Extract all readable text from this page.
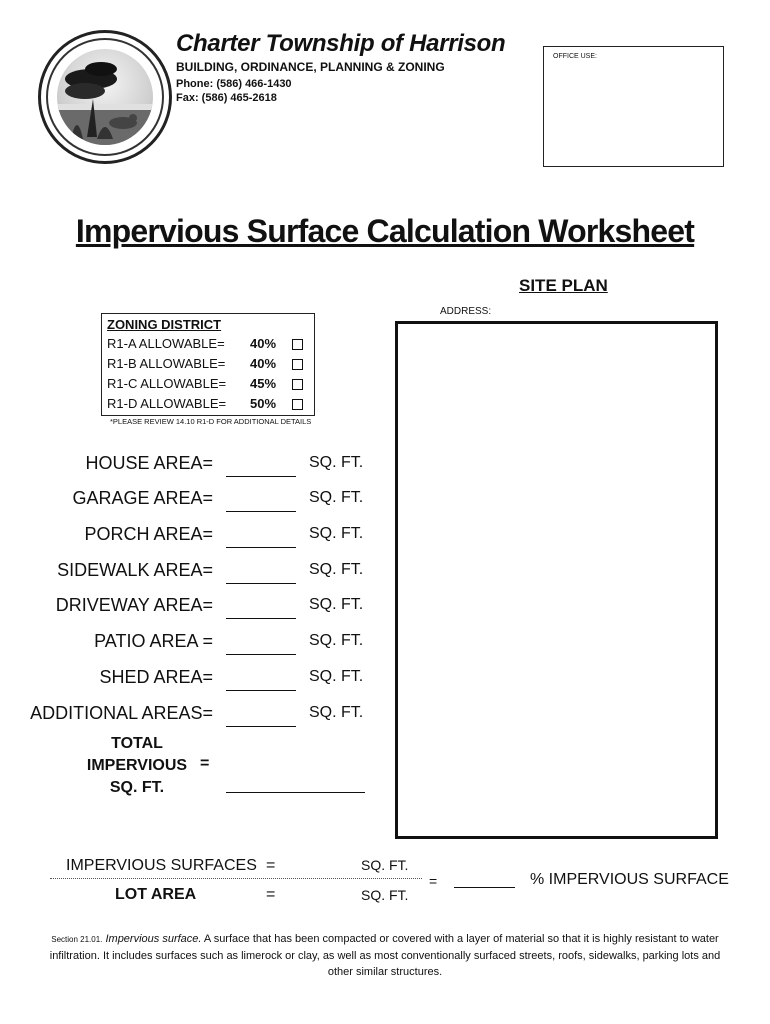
Charter Township of Harrison
BUILDING, ORDINANCE, PLANNING & ZONING
Phone: (586) 466-1430
Fax: (586) 465-2618
OFFICE USE:
Impervious Surface Calculation Worksheet
SITE PLAN
ADDRESS:
ZONING DISTRICT
R1-A ALLOWABLE= 40%
R1-B ALLOWABLE= 40%
R1-C ALLOWABLE= 45%
R1-D ALLOWABLE= 50%
*PLEASE REVIEW 14.10 R1-D FOR ADDITIONAL DETAILS
HOUSE AREA=	SQ. FT.
GARAGE AREA=	SQ. FT.
PORCH AREA=	SQ. FT.
SIDEWALK AREA=	SQ. FT.
DRIVEWAY AREA=	SQ. FT.
PATIO AREA =	SQ. FT.
SHED AREA=	SQ. FT.
ADDITIONAL AREAS=	SQ. FT.
TOTAL
IMPERVIOUS
SQ. FT.
=
IMPERVIOUS SURFACES =	SQ. FT.
LOT AREA	=	SQ. FT.
=	% IMPERVIOUS SURFACE
Section 21.01. Impervious surface. A surface that has been compacted or covered with a layer of material so that it is highly resistant to water infiltration. It includes surfaces such as limerock or clay, as well as most conventionally surfaced streets, roofs, sidewalks, parking lots and other similar structures.
